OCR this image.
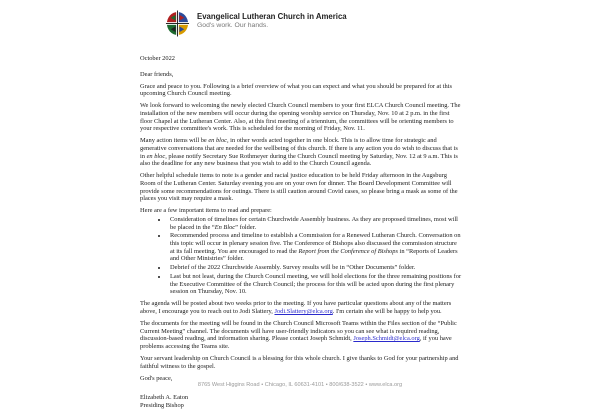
Evangelical Lutheran Church in America
God's work. Our hands.

October 2022

Dear friends,

Grace and peace to you. Following is a brief overview of what you can expect and what you should be prepared for at this upcoming Church Council meeting.

We look forward to welcoming the newly elected Church Council members to your first ELCA Church Council meeting. The installation of the new members will occur during the opening worship service on Thursday, Nov. 10 at 2 p.m. in the first floor Chapel at the Lutheran Center. Also, at this first meeting of a triennium, the committees will be orienting members to your respective committee's work. This is scheduled for the morning of Friday, Nov. 11.

Many action items will be en bloc, in other words acted together in one block. This is to allow time for strategic and generative conversations that are needed for the wellbeing of this church. If there is any action you do wish to discuss that is in en bloc, please notify Secretary Sue Rothmeyer during the Church Council meeting by Saturday, Nov. 12 at 9 a.m. This is also the deadline for any new business that you wish to add to the Church Council agenda.

Other helpful schedule items to note is a gender and racial justice education to be held Friday afternoon in the Augsburg Room of the Lutheran Center. Saturday evening you are on your own for dinner. The Board Development Committee will provide some recommendations for outings. There is still caution around Covid cases, so please bring a mask as some of the places you visit may require a mask.

Here are a few important items to read and prepare:

• Consideration of timelines for certain Churchwide Assembly business. As they are proposed timelines, most will be placed in the “En Bloc” folder.
• Recommended process and timeline to establish a Commission for a Renewed Lutheran Church. Conversation on this topic will occur in plenary session five. The Conference of Bishops also discussed the commission structure at its fall meeting. You are encouraged to read the Report from the Conference of Bishops in “Reports of Leaders and Other Ministries” folder.
• Debrief of the 2022 Churchwide Assembly. Survey results will be in “Other Documents” folder.
• Last but not least, during the Church Council meeting, we will hold elections for the three remaining positions for the Executive Committee of the Church Council; the process for this will be acted upon during the first plenary session on Thursday, Nov. 10.

The agenda will be posted about two weeks prior to the meeting. If you have particular questions about any of the matters above, I encourage you to reach out to Jodi Slattery, Jodi.Slattery@elca.org. I'm certain she will be happy to help you.

The documents for the meeting will be found in the Church Council Microsoft Teams within the Files section of the “Public Current Meeting” channel. The documents will have user-friendly indicators so you can see what is required reading, discussion-based reading, and information sharing. Please contact Joseph Schmidt, Joseph.Schmidt@elca.org, if you have problems accessing the Teams site.

Your servant leadership on Church Council is a blessing for this whole church. I give thanks to God for your partnership and faithful witness to the gospel.

God's peace,

Elizabeth A. Eaton

Presiding Bishop

8765 West Higgins Road • Chicago, IL 60631-4101 • 800/638-3522 • www.elca.org
